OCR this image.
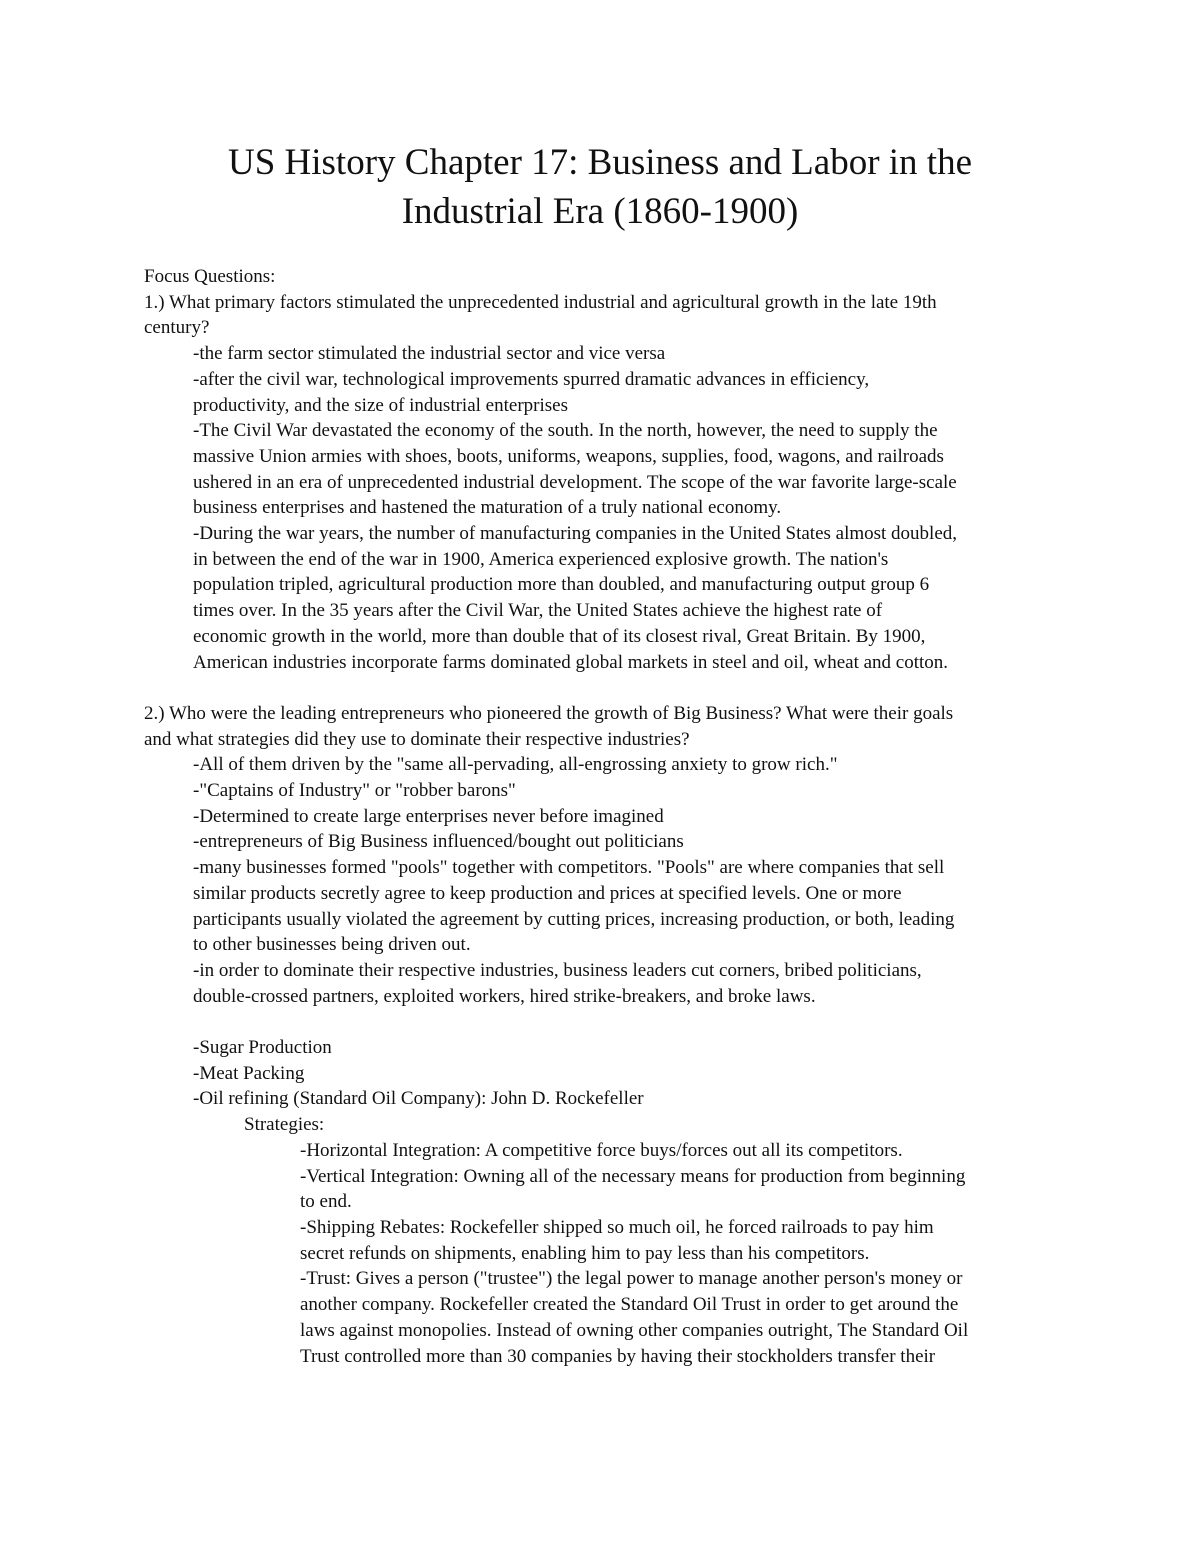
US History Chapter 17: Business and Labor in the
Industrial Era (1860-1900)
Focus Questions:
1.) What primary factors stimulated the unprecedented industrial and agricultural growth in the late 19th
century?
-the farm sector stimulated the industrial sector and vice versa
-after the civil war, technological improvements spurred dramatic advances in efficiency,
productivity, and the size of industrial enterprises
-The Civil War devastated the economy of the south. In the north, however, the need to supply the
massive Union armies with shoes, boots, uniforms, weapons, supplies, food, wagons, and railroads
ushered in an era of unprecedented industrial development. The scope of the war favorite large-scale
business enterprises and hastened the maturation of a truly national economy.
-During the war years, the number of manufacturing companies in the United States almost doubled,
in between the end of the war in 1900, America experienced explosive growth. The nation's
population tripled, agricultural production more than doubled, and manufacturing output group 6
times over. In the 35 years after the Civil War, the United States achieve the highest rate of
economic growth in the world, more than double that of its closest rival, Great Britain. By 1900,
American industries incorporate farms dominated global markets in steel and oil, wheat and cotton.
2.) Who were the leading entrepreneurs who pioneered the growth of Big Business? What were their goals
and what strategies did they use to dominate their respective industries?
-All of them driven by the "same all-pervading, all-engrossing anxiety to grow rich."
-"Captains of Industry" or "robber barons"
-Determined to create large enterprises never before imagined
-entrepreneurs of Big Business influenced/bought out politicians
-many businesses formed "pools" together with competitors. "Pools" are where companies that sell
similar products secretly agree to keep production and prices at specified levels. One or more
participants usually violated the agreement by cutting prices, increasing production, or both, leading
to other businesses being driven out.
-in order to dominate their respective industries, business leaders cut corners, bribed politicians,
double-crossed partners, exploited workers, hired strike-breakers, and broke laws.
-Sugar Production
-Meat Packing
-Oil refining (Standard Oil Company): John D. Rockefeller
Strategies:
-Horizontal Integration: A competitive force buys/forces out all its competitors.
-Vertical Integration: Owning all of the necessary means for production from beginning
to end.
-Shipping Rebates: Rockefeller shipped so much oil, he forced railroads to pay him
secret refunds on shipments, enabling him to pay less than his competitors.
-Trust: Gives a person ("trustee") the legal power to manage another person's money or
another company. Rockefeller created the Standard Oil Trust in order to get around the
laws against monopolies. Instead of owning other companies outright, The Standard Oil
Trust controlled more than 30 companies by having their stockholders transfer their
